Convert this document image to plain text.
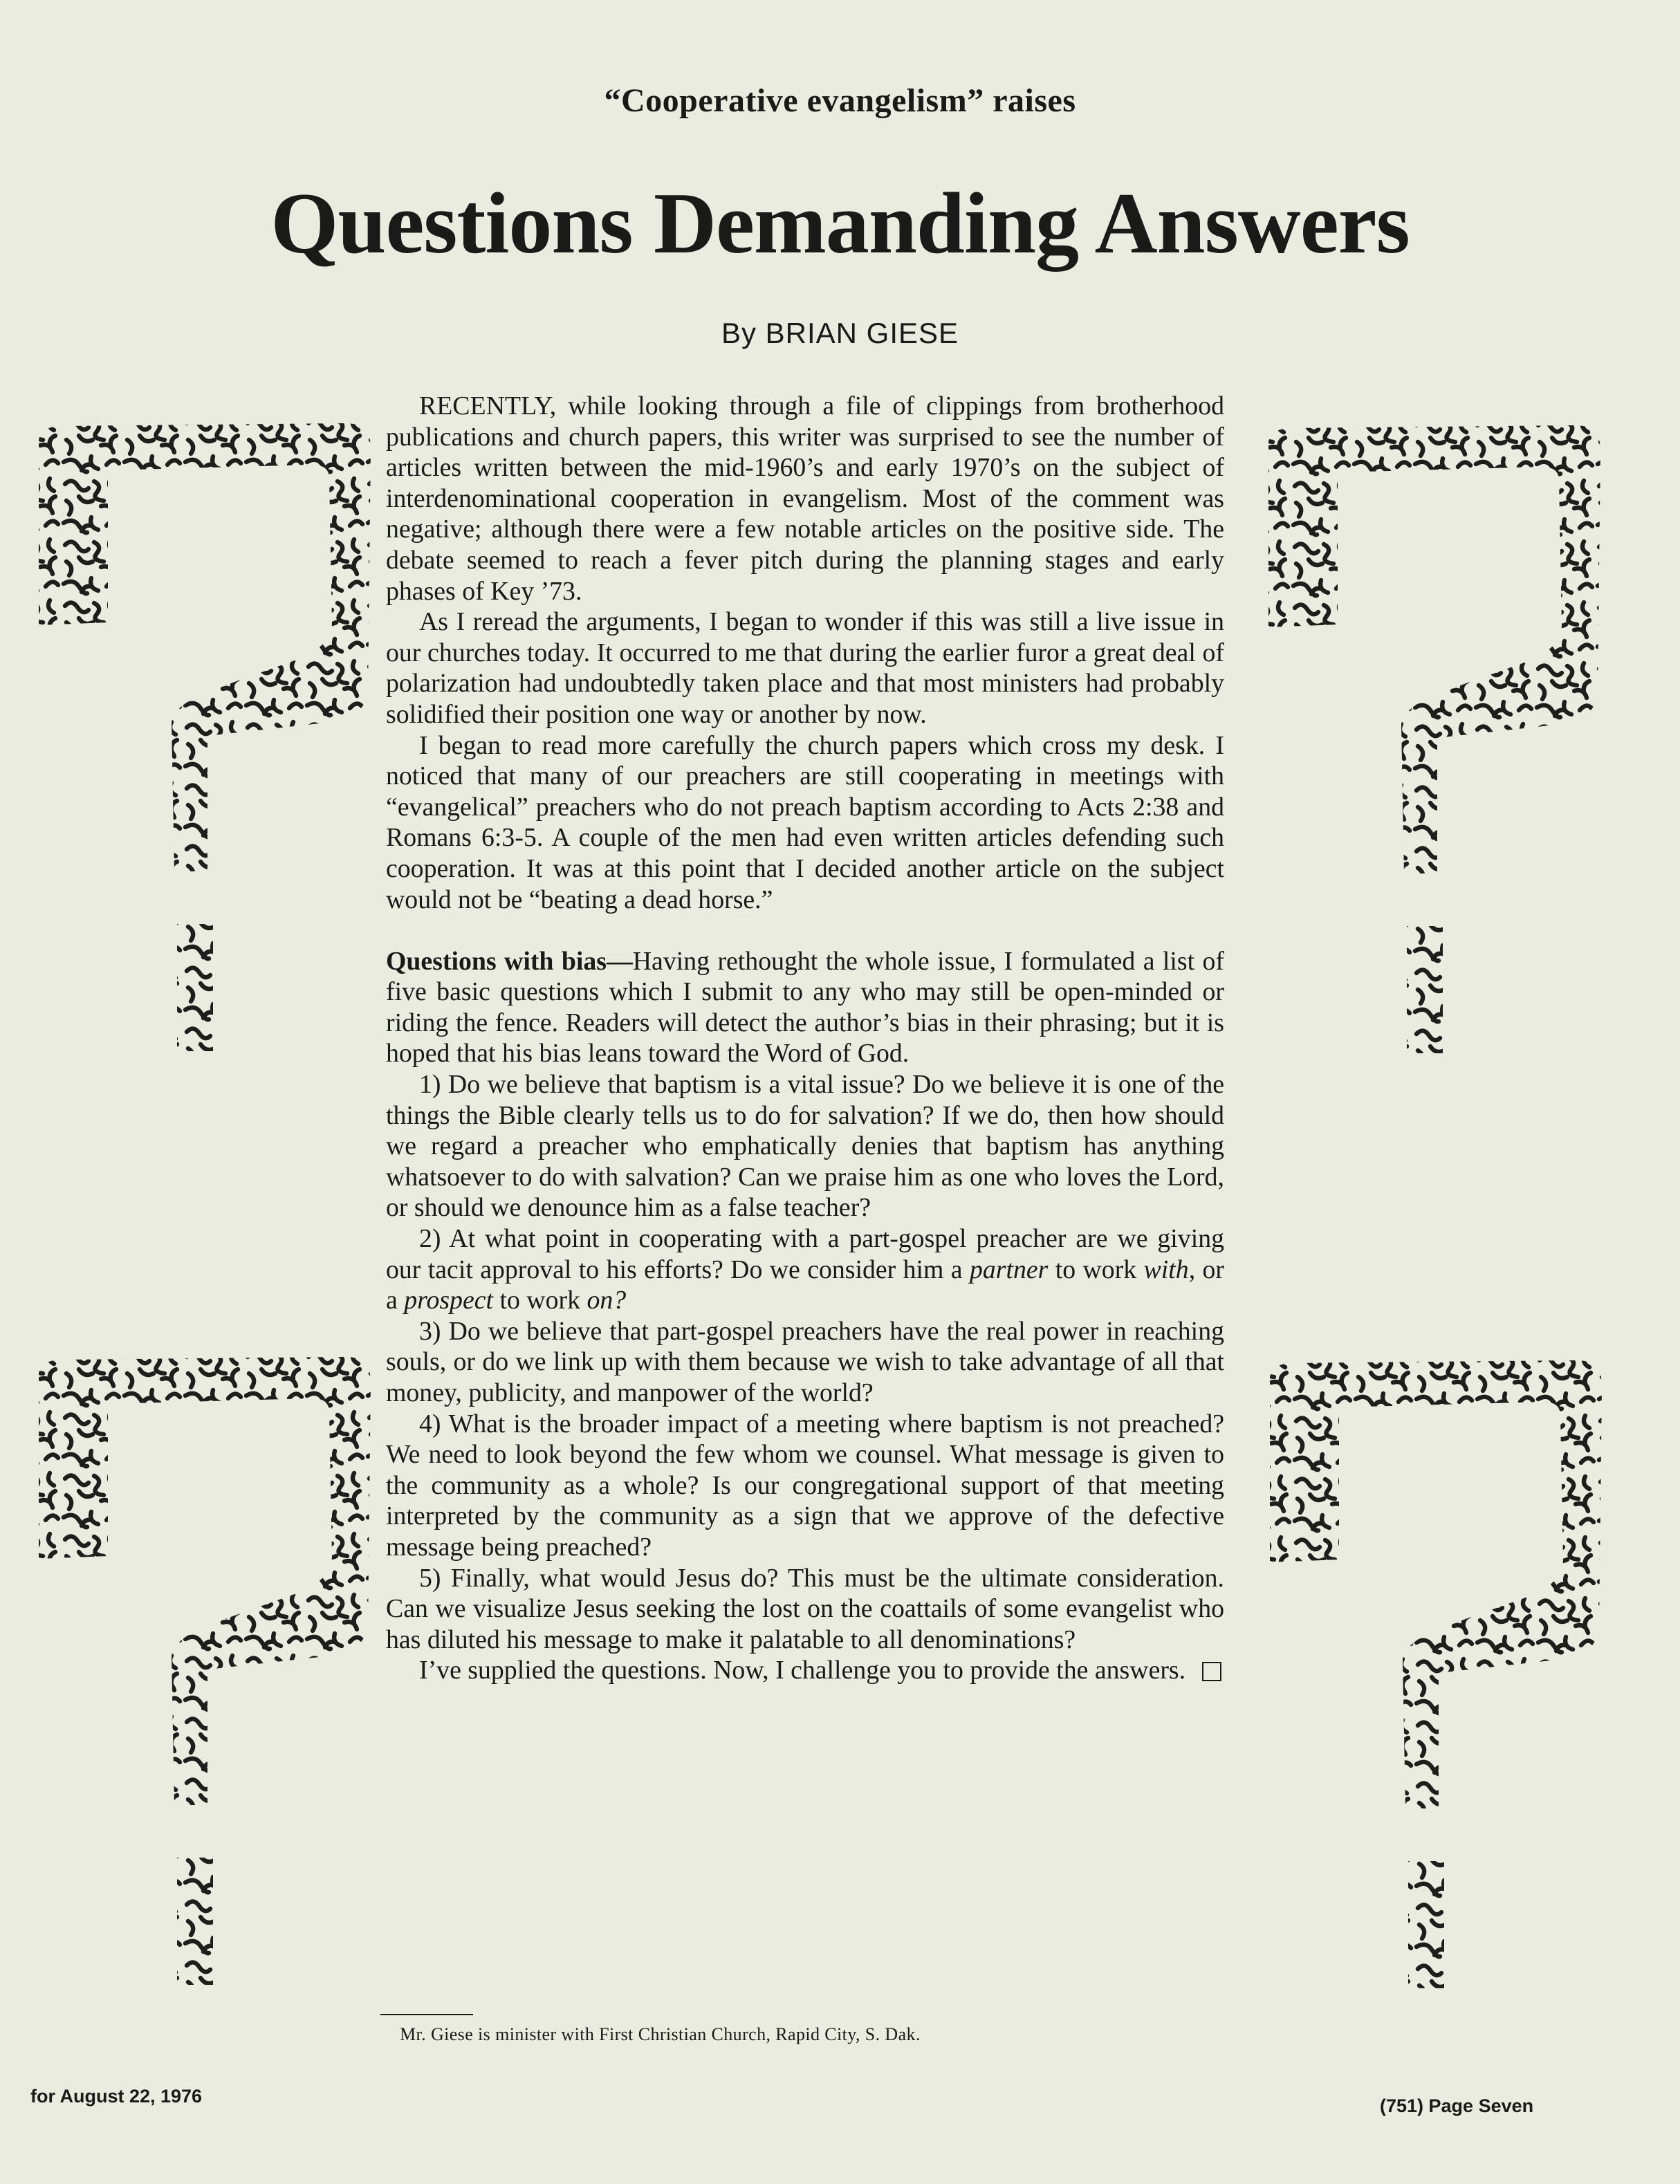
“Cooperative evangelism” raises
Questions Demanding Answers
By BRIAN GIESE

RECENTLY, while looking through a file of clippings from brotherhood publications and church papers, this writer was surprised to see the number of articles written between the mid-1960’s and early 1970’s on the subject of interdenominational cooperation in evangelism. Most of the comment was negative; although there were a few notable articles on the positive side. The debate seemed to reach a fever pitch during the planning stages and early phases of Key ’73.

As I reread the arguments, I began to wonder if this was still a live issue in our churches today. It occurred to me that during the earlier furor a great deal of polarization had undoubtedly taken place and that most ministers had probably solidified their position one way or another by now.

I began to read more carefully the church papers which cross my desk. I noticed that many of our preachers are still cooperating in meetings with “evangelical” preachers who do not preach baptism according to Acts 2:38 and Romans 6:3-5. A couple of the men had even written articles defending such cooperation. It was at this point that I decided another article on the subject would not be “beating a dead horse.”

Questions with bias—Having rethought the whole issue, I formulated a list of five basic questions which I submit to any who may still be open-minded or riding the fence. Readers will detect the author’s bias in their phrasing; but it is hoped that his bias leans toward the Word of God.

1) Do we believe that baptism is a vital issue? Do we believe it is one of the things the Bible clearly tells us to do for salvation? If we do, then how should we regard a preacher who emphatically denies that baptism has anything whatsoever to do with salvation? Can we praise him as one who loves the Lord, or should we denounce him as a false teacher?

2) At what point in cooperating with a part-gospel preacher are we giving our tacit approval to his efforts? Do we consider him a partner to work with, or a prospect to work on?

3) Do we believe that part-gospel preachers have the real power in reaching souls, or do we link up with them because we wish to take advantage of all that money, publicity, and manpower of the world?

4) What is the broader impact of a meeting where baptism is not preached? We need to look beyond the few whom we counsel. What message is given to the community as a whole? Is our congregational support of that meeting interpreted by the community as a sign that we approve of the defective message being preached?

5) Finally, what would Jesus do? This must be the ultimate consideration. Can we visualize Jesus seeking the lost on the coattails of some evangelist who has diluted his message to make it palatable to all denominations?

I’ve supplied the questions. Now, I challenge you to provide the answers.

Mr. Giese is minister with First Christian Church, Rapid City, S. Dak.
for August 22, 1976	(751) Page Seven
